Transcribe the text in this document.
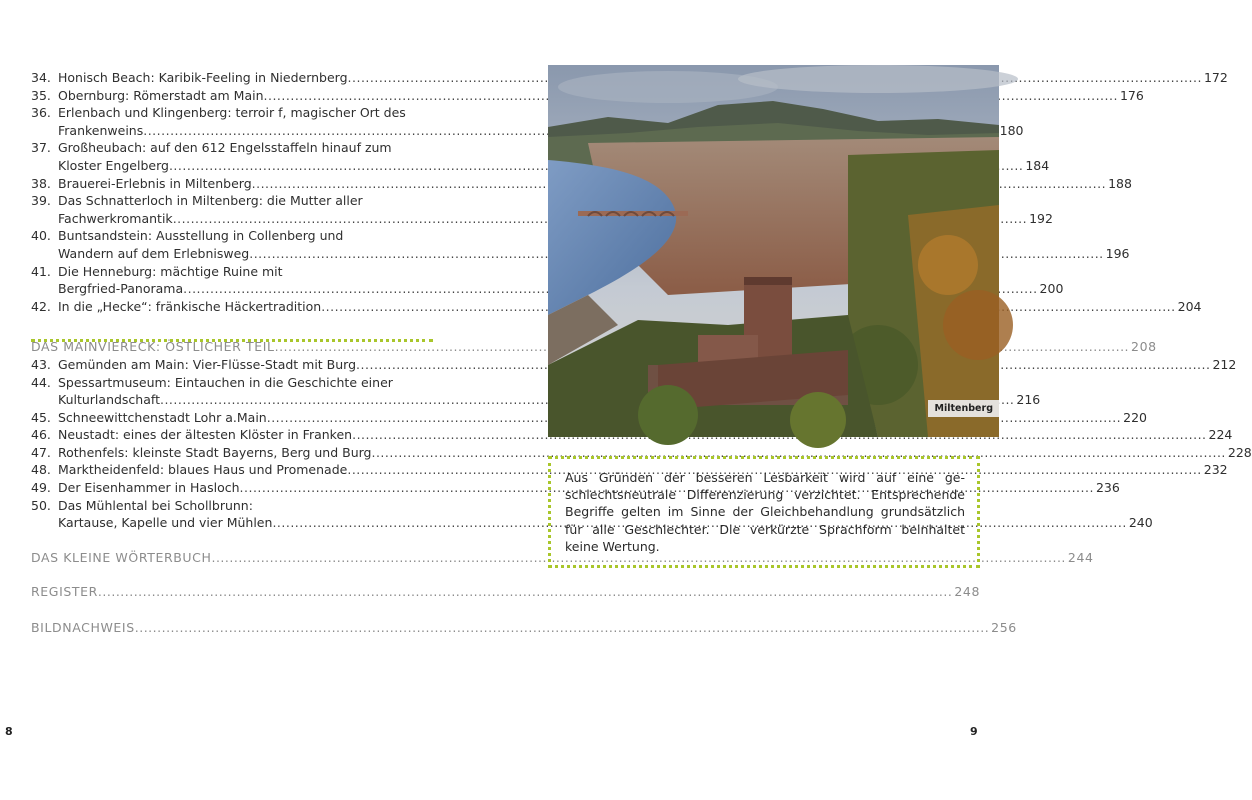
34. Honisch Beach: Karibik-Feeling in Niedernberg .....	172
35. Obernburg: Römerstadt am Main .....	176
36. Erlenbach und Klingenberg: terroir f, magischer Ort des
Frankenweins .....	180
37. Großheubach: auf den 612 Engelsstaffeln hinauf zum
Kloster Engelberg .....	184
38. Brauerei-Erlebnis in Miltenberg .....	188
39. Das Schnatterloch in Miltenberg: die Mutter aller
Fachwerkromantik .....	192
40. Buntsandstein: Ausstellung in Collenberg und
Wandern auf dem Erlebnisweg .....	196
41. Die Henneburg: mächtige Ruine mit
Bergfried-Panorama .....	200
42. In die „Hecke“: fränkische Häckertradition .....	204
DAS MAINVIERECK: ÖSTLICHER TEIL .....	208
43. Gemünden am Main: Vier-Flüsse-Stadt mit Burg .....	212
44. Spessartmuseum: Eintauchen in die Geschichte einer
Kulturlandschaft .....	216
45. Schneewittchenstadt Lohr a.Main .....	220
46. Neustadt: eines der ältesten Klöster in Franken .....	224
47. Rothenfels: kleinste Stadt Bayerns, Berg und Burg .....	228
48. Marktheidenfeld: blaues Haus und Promenade .....	232
49. Der Eisenhammer in Hasloch .....	236
50. Das Mühlental bei Schollbrunn:
Kartause, Kapelle und vier Mühlen .....	240
DAS KLEINE WÖRTERBUCH .....	244
REGISTER .....	248
BILDNACHWEIS .....	256
8
Miltenberg
Aus Gründen der besseren Lesbarkeit wird auf eine geschlechtsneutrale Differenzierung verzichtet. Entsprechende Begriffe gelten im Sinne der Gleichbehandlung grundsätzlich für alle Geschlechter. Die verkürzte Sprachform beinhaltet keine Wertung.
9
